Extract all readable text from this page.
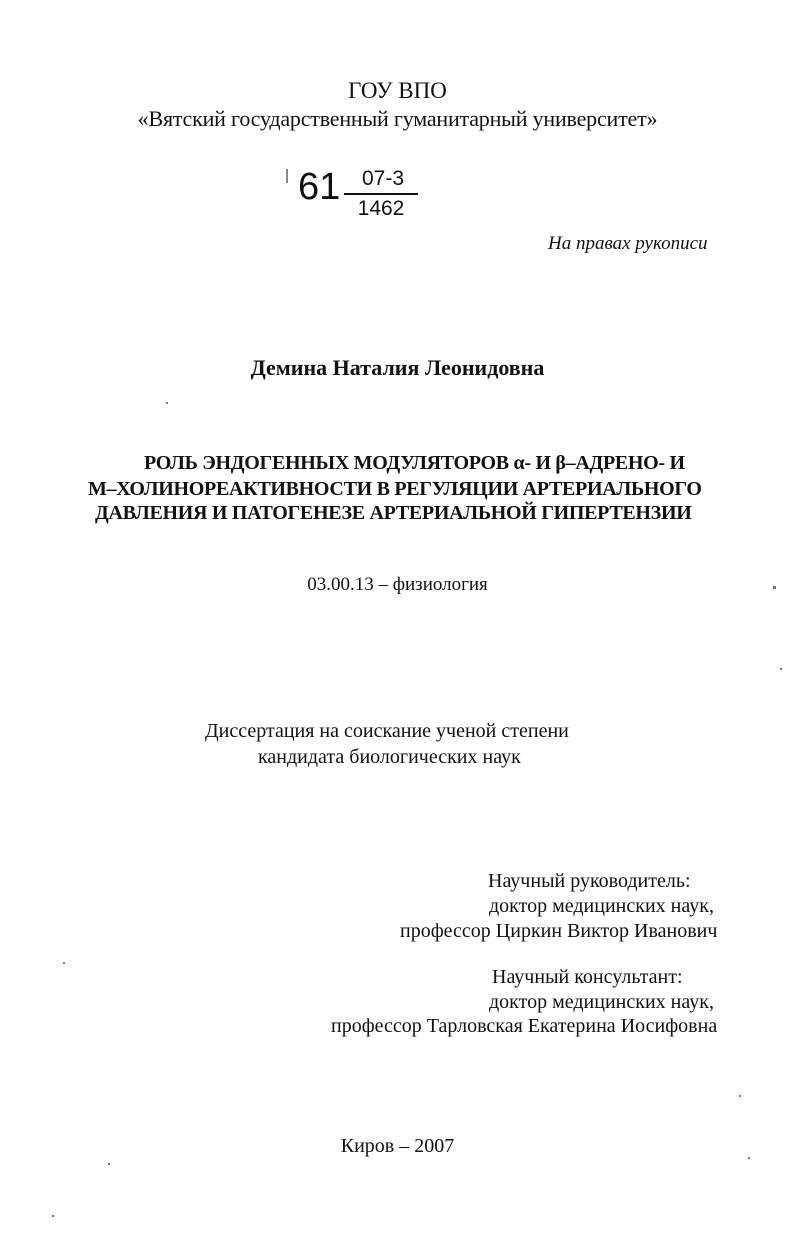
ГОУ ВПО
«Вятский государственный гуманитарный университет»
61 07-3
1462
На правах рукописи
Демина Наталия Леонидовна
РОЛЬ ЭНДОГЕННЫХ МОДУЛЯТОРОВ α- И β–АДРЕНО- И
М–ХОЛИНОРЕАКТИВНОСТИ В РЕГУЛЯЦИИ АРТЕРИАЛЬНОГО
ДАВЛЕНИЯ И ПАТОГЕНЕЗЕ АРТЕРИАЛЬНОЙ ГИПЕРТЕНЗИИ
03.00.13 – физиология
Диссертация на соискание ученой степени
кандидата биологических наук
Научный руководитель:
доктор медицинских наук,
профессор Циркин Виктор Иванович
Научный консультант:
доктор медицинских наук,
профессор Тарловская Екатерина Иосифовна
Киров – 2007
